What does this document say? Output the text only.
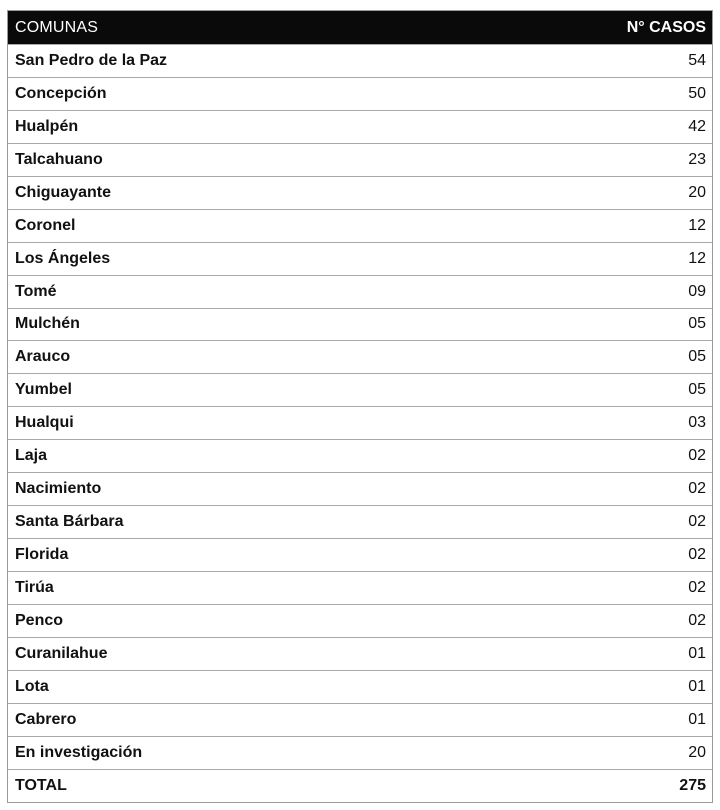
COMUNAS	N° CASOS
San Pedro de la Paz	54
Concepción	50
Hualpén	42
Talcahuano	23
Chiguayante	20
Coronel	12
Los Ángeles	12
Tomé	09
Mulchén	05
Arauco	05
Yumbel	05
Hualqui	03
Laja	02
Nacimiento	02
Santa Bárbara	02
Florida	02
Tirúa	02
Penco	02
Curanilahue	01
Lota	01
Cabrero	01
En investigación	20
TOTAL	275
